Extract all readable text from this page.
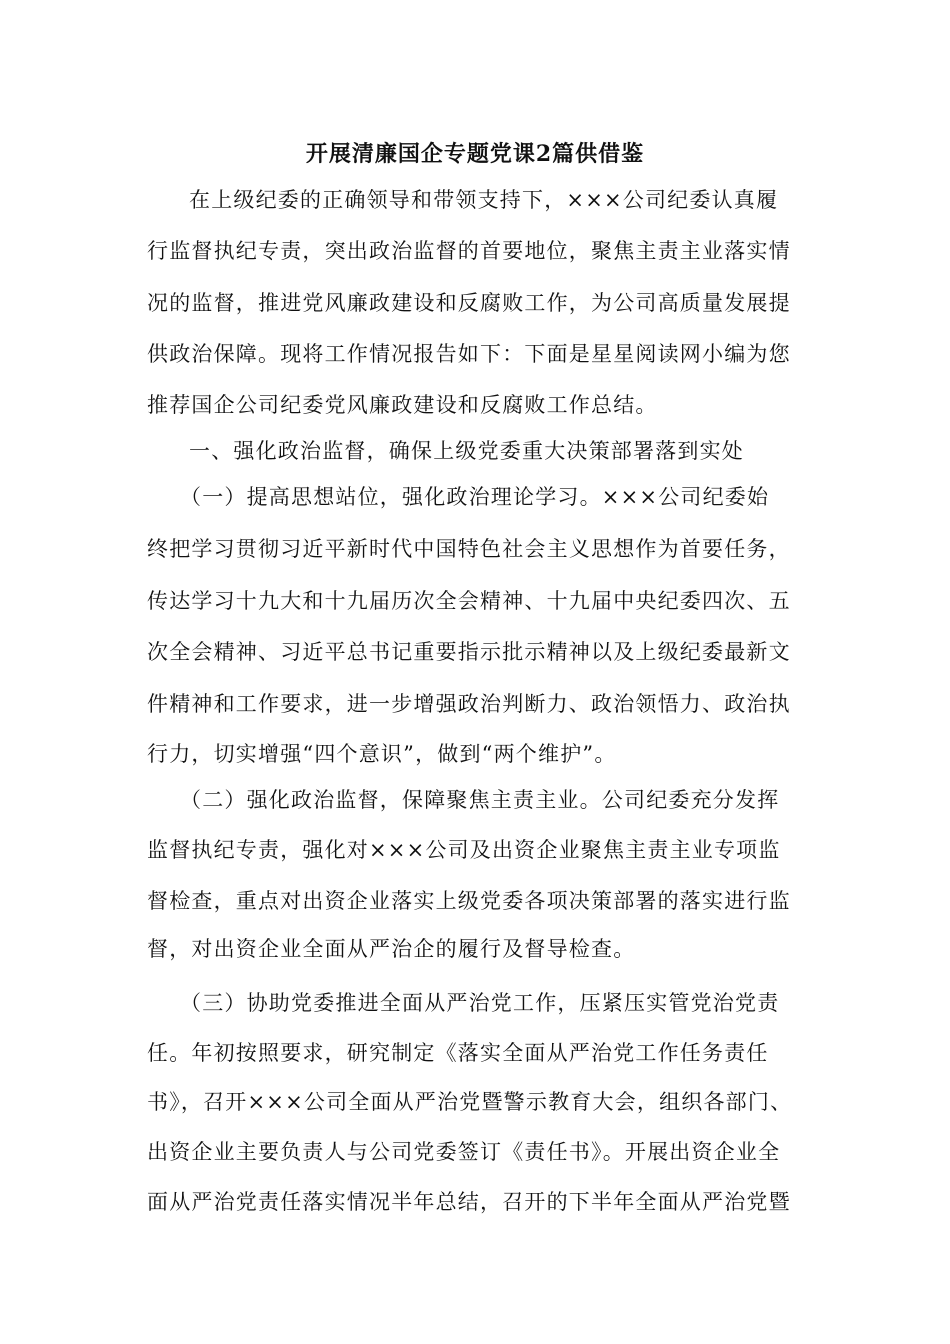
开展清廉国企专题党课2篇供借鉴
在上级纪委的正确领导和带领支持下，×××公司纪委认真履
行监督执纪专责，突出政治监督的首要地位，聚焦主责主业落实情
况的监督，推进党风廉政建设和反腐败工作，为公司高质量发展提
供政治保障。现将工作情况报告如下：下面是星星阅读网小编为您
推荐国企公司纪委党风廉政建设和反腐败工作总结。
一、强化政治监督，确保上级党委重大决策部署落到实处
（一）提高思想站位，强化政治理论学习。×××公司纪委始
终把学习贯彻习近平新时代中国特色社会主义思想作为首要任务，
传达学习十九大和十九届历次全会精神、十九届中央纪委四次、五
次全会精神、习近平总书记重要指示批示精神以及上级纪委最新文
件精神和工作要求，进一步增强政治判断力、政治领悟力、政治执
行力，切实增强“四个意识”，做到“两个维护”。
（二）强化政治监督，保障聚焦主责主业。公司纪委充分发挥
监督执纪专责，强化对×××公司及出资企业聚焦主责主业专项监
督检查，重点对出资企业落实上级党委各项决策部署的落实进行监
督，对出资企业全面从严治企的履行及督导检查。
（三）协助党委推进全面从严治党工作，压紧压实管党治党责
任。年初按照要求，研究制定《落实全面从严治党工作任务责任
书》，召开×××公司全面从严治党暨警示教育大会，组织各部门、
出资企业主要负责人与公司党委签订《责任书》。开展出资企业全
面从严治党责任落实情况半年总结，召开的下半年全面从严治党暨
